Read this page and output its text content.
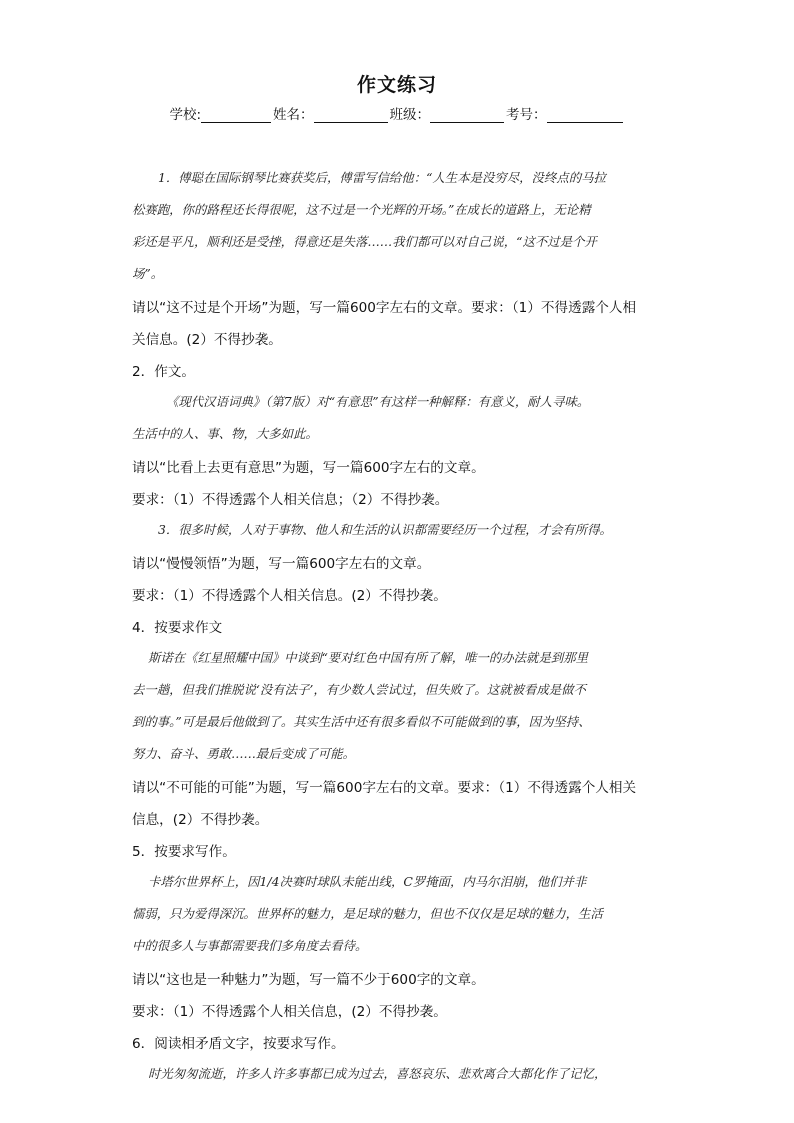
作文练习
学校:	姓名：	班级：	考号：
1．傅聪在国际钢琴比赛获奖后，傅雷写信给他：“人生本是没穷尽，没终点的马拉
松赛跑，你的路程还长得很呢，这不过是一个光辉的开场。”在成长的道路上，无论精
彩还是平凡，顺利还是受挫，得意还是失落……我们都可以对自己说，“这不过是个开
场”。
请以“这不过是个开场”为题，写一篇600字左右的文章。要求：（1）不得透露个人相
关信息。(2）不得抄袭。
2．作文。
《现代汉语词典》（第7版）对“有意思”有这样一种解释：有意义，耐人寻味。
生活中的人、事、物，大多如此。
请以“比看上去更有意思”为题，写一篇600字左右的文章。
要求：（1）不得透露个人相关信息；（2）不得抄袭。
3．很多时候，人对于事物、他人和生活的认识都需要经历一个过程，才会有所得。
请以“慢慢领悟”为题，写一篇600字左右的文章。
要求：（1）不得透露个人相关信息。(2）不得抄袭。
4．按要求作文
斯诺在《红星照耀中国》中谈到“要对红色中国有所了解，唯一的办法就是到那里
去一趟，但我们推脱说‘没有法子’，有少数人尝试过，但失败了。这就被看成是做不
到的事。”可是最后他做到了。其实生活中还有很多看似不可能做到的事，因为坚持、
努力、奋斗、勇敢……最后变成了可能。
请以“不可能的可能”为题，写一篇600字左右的文章。要求：（1）不得透露个人相关
信息，(2）不得抄袭。
5．按要求写作。
卡塔尔世界杯上，因1/4决赛时球队未能出线，C罗掩面，内马尔泪崩，他们并非
懦弱，只为爱得深沉。世界杯的魅力，是足球的魅力，但也不仅仅是足球的魅力，生活
中的很多人与事都需要我们多角度去看待。
请以“这也是一种魅力”为题，写一篇不少于600字的文章。
要求：（1）不得透露个人相关信息，(2）不得抄袭。
6．阅读相矛盾文字，按要求写作。
时光匆匆流逝，许多人许多事都已成为过去，喜怒哀乐、悲欢离合大都化作了记忆，
